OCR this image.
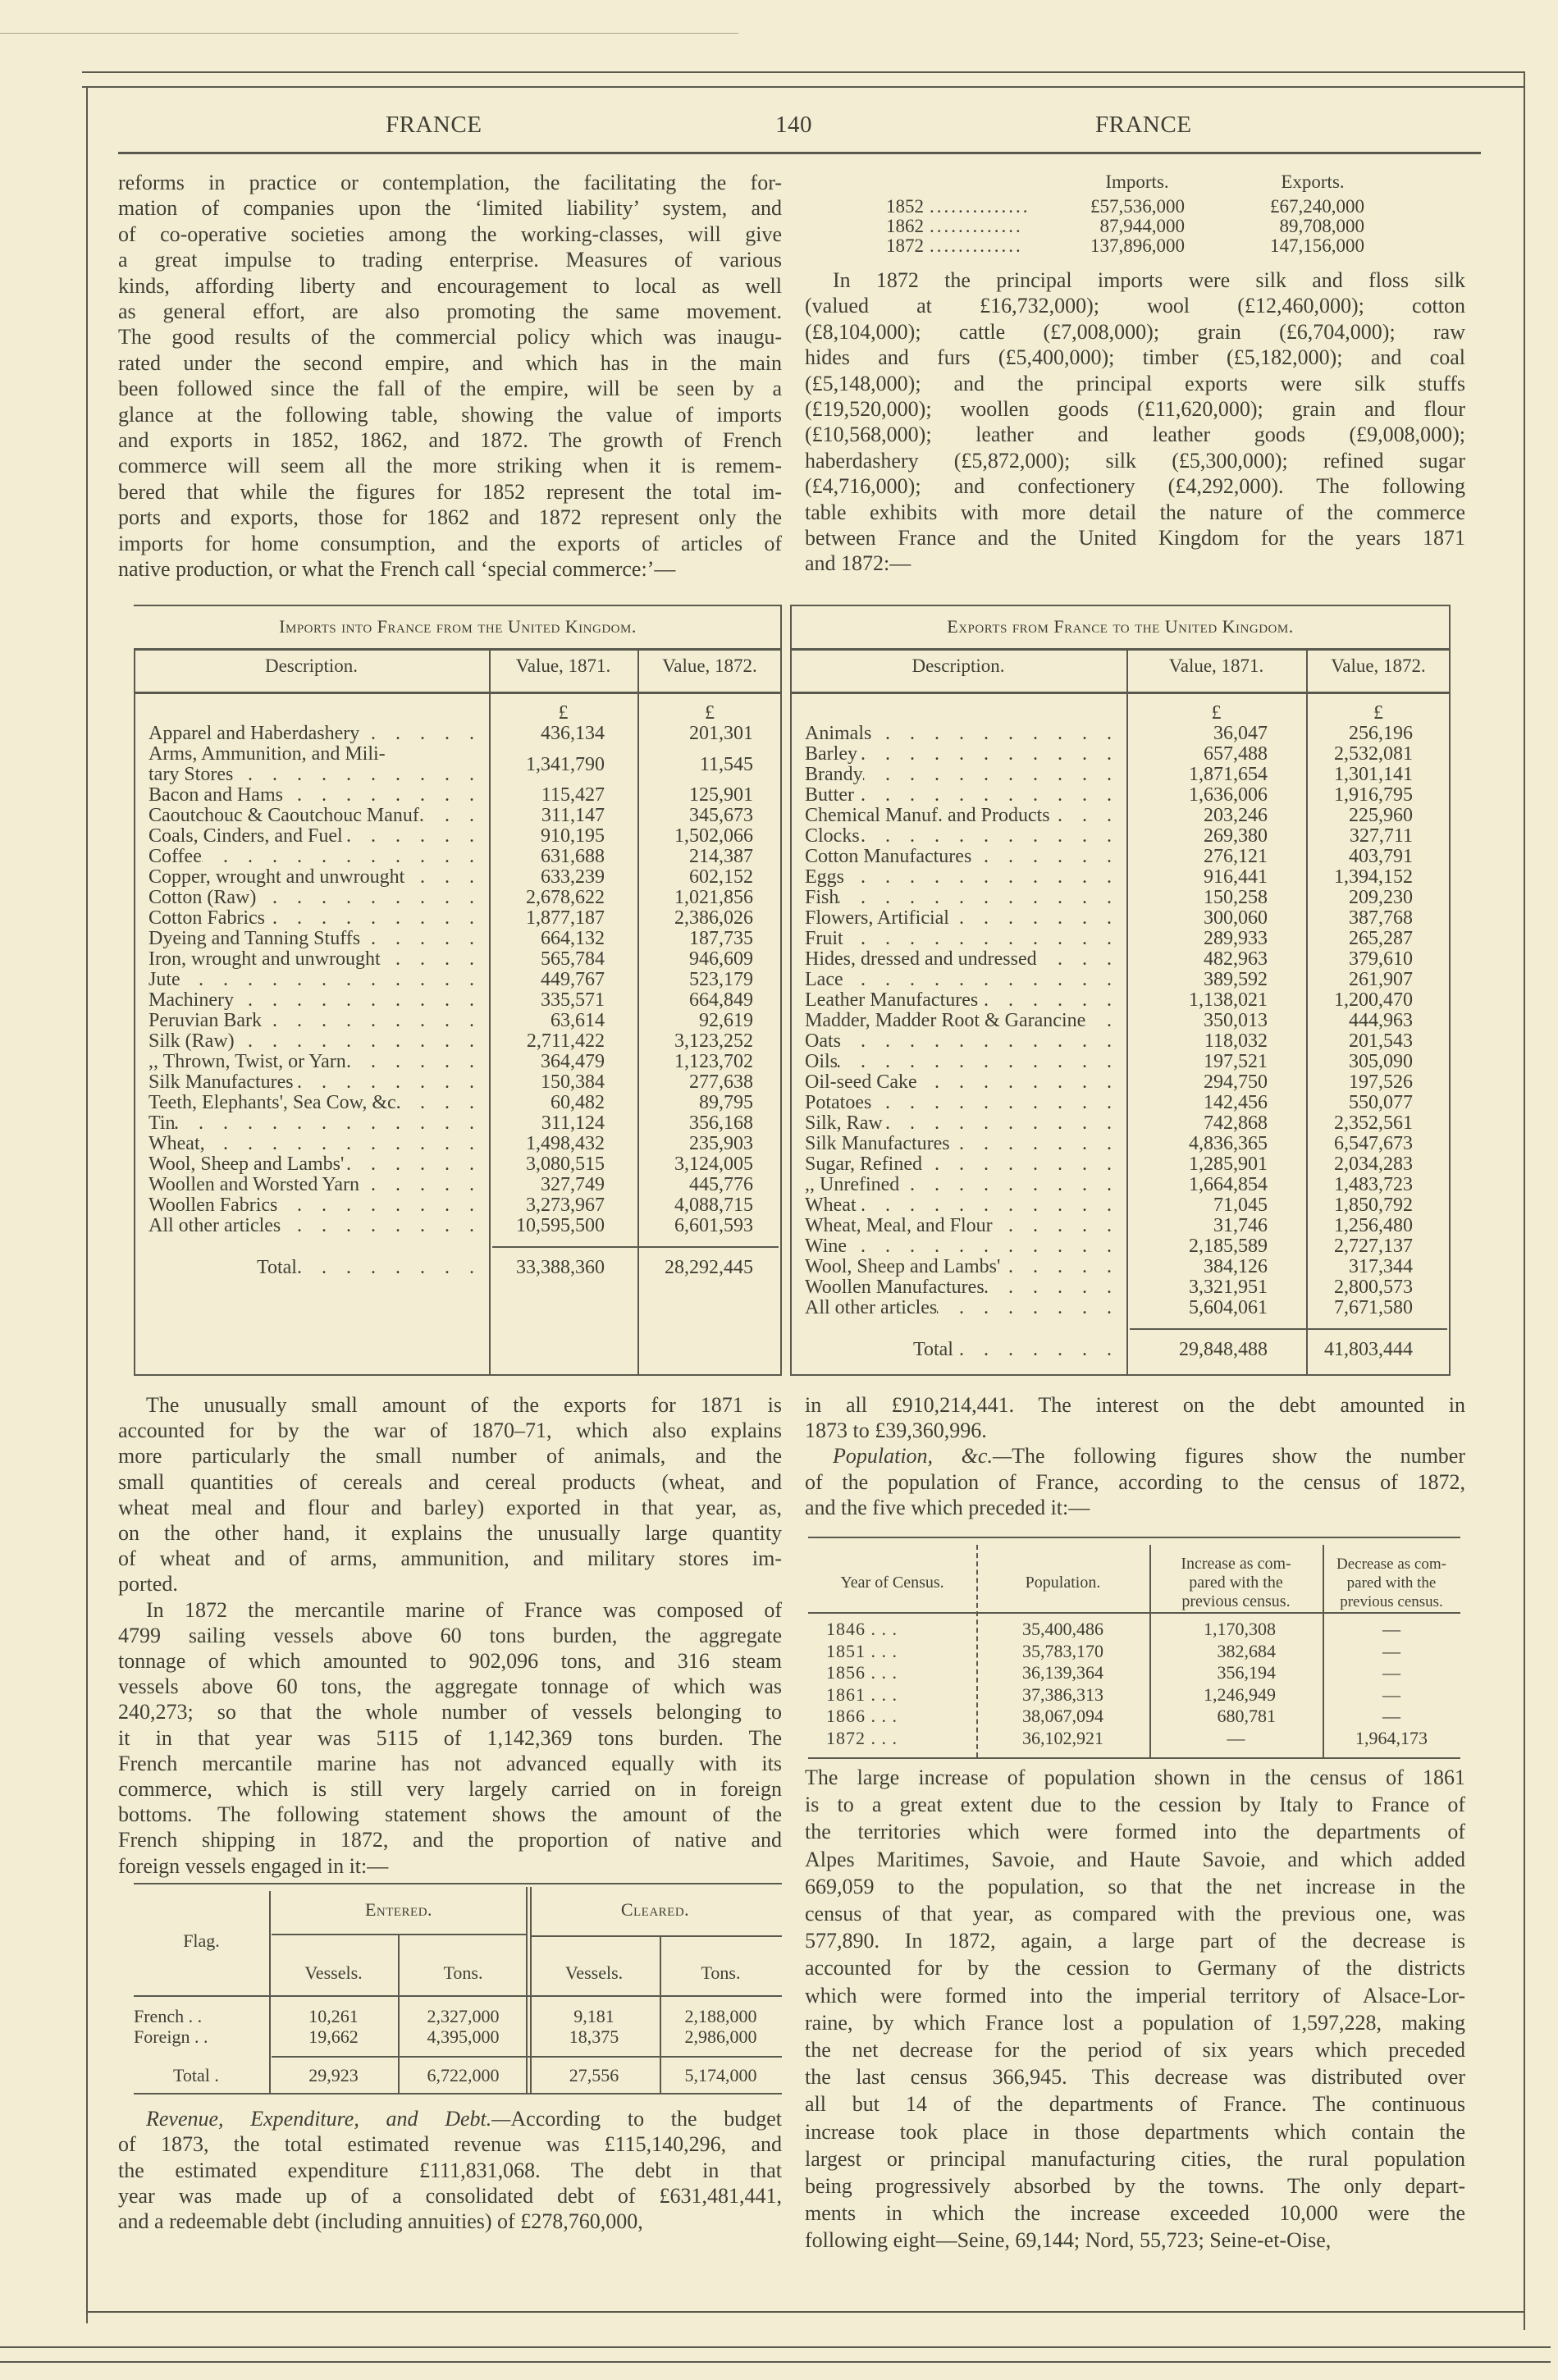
FRANCE	140	FRANCE
reforms in practice or contemplation, the facilitating the for-
mation of companies upon the ‘limited liability’ system, and
of co-operative societies among the working-classes, will give
a great impulse to trading enterprise. Measures of various
kinds, affording liberty and encouragement to local as well
as general effort, are also promoting the same movement.
The good results of the commercial policy which was inaugu-
rated under the second empire, and which has in the main
been followed since the fall of the empire, will be seen by a
glance at the following table, showing the value of imports
and exports in 1852, 1862, and 1872. The growth of French
commerce will seem all the more striking when it is remem-
bered that while the figures for 1852 represent the total im-
ports and exports, those for 1862 and 1872 represent only the
imports for home consumption, and the exports of articles of
native production, or what the French call ‘special commerce:’—
Imports.	Exports.
1852 ..............	£57,536,000	£67,240,000
1862 .............	87,944,000	89,708,000
1872 .............	137,896,000	147,156,000
In 1872 the principal imports were silk and floss silk
(valued at £16,732,000); wool (£12,460,000); cotton
(£8,104,000); cattle (£7,008,000); grain (£6,704,000); raw
hides and furs (£5,400,000); timber (£5,182,000); and coal
(£5,148,000); and the principal exports were silk stuffs
(£19,520,000); woollen goods (£11,620,000); grain and flour
(£10,568,000); leather and leather goods (£9,008,000);
haberdashery (£5,872,000); silk (£5,300,000); refined sugar
(£4,716,000); and confectionery (£4,292,000). The following
table exhibits with more detail the nature of the commerce
between France and the United Kingdom for the years 1871
and 1872:—
Imports into France from the United Kingdom.
Description.	Value, 1871.	Value, 1872.
£	£
Apparel and Haberdashery .	436,134	201,301
Arms, Ammunition, and Mili-
tary Stores .	1,341,790	11,545
Bacon and Hams .	115,427	125,901
Caoutchouc & Caoutchouc Manuf. .	311,147	345,673
Coals, Cinders, and Fuel .	910,195	1,502,066
Coffee .	631,688	214,387
Copper, wrought and unwrought .	633,239	602,152
Cotton (Raw) .	2,678,622	1,021,856
Cotton Fabrics .	1,877,187	2,386,026
Dyeing and Tanning Stuffs .	664,132	187,735
Iron, wrought and unwrought .	565,784	946,609
Jute .	449,767	523,179
Machinery .	335,571	664,849
Peruvian Bark .	63,614	92,619
Silk (Raw) .	2,711,422	3,123,252
,, Thrown, Twist, or Yarn .	364,479	1,123,702
Silk Manufactures .	150,384	277,638
Teeth, Elephants', Sea Cow, &c. .	60,482	89,795
Tin .	311,124	356,168
Wheat, .	1,498,432	235,903
Wool, Sheep and Lambs' .	3,080,515	3,124,005
Woollen and Worsted Yarn .	327,749	445,776
Woollen Fabrics .	3,273,967	4,088,715
All other articles .	10,595,500	6,601,593
Total .	33,388,360	28,292,445
Exports from France to the United Kingdom.
Description.	Value, 1871.	Value, 1872.
£	£
Animals .	36,047	256,196
Barley .	657,488	2,532,081
Brandy .	1,871,654	1,301,141
Butter .	1,636,006	1,916,795
Chemical Manuf. and Products .	203,246	225,960
Clocks .	269,380	327,711
Cotton Manufactures .	276,121	403,791
Eggs .	916,441	1,394,152
Fish .	150,258	209,230
Flowers, Artificial .	300,060	387,768
Fruit .	289,933	265,287
Hides, dressed and undressed .	482,963	379,610
Lace .	389,592	261,907
Leather Manufactures .	1,138,021	1,200,470
Madder, Madder Root & Garancine .	350,013	444,963
Oats .	118,032	201,543
Oils .	197,521	305,090
Oil-seed Cake .	294,750	197,526
Potatoes .	142,456	550,077
Silk, Raw .	742,868	2,352,561
Silk Manufactures .	4,836,365	6,547,673
Sugar, Refined .	1,285,901	2,034,283
,, Unrefined .	1,664,854	1,483,723
Wheat .	71,045	1,850,792
Wheat, Meal, and Flour .	31,746	1,256,480
Wine .	2,185,589	2,727,137
Wool, Sheep and Lambs' .	384,126	317,344
Woollen Manufactures .	3,321,951	2,800,573
All other articles .	5,604,061	7,671,580
Total .	29,848,488	41,803,444
The unusually small amount of the exports for 1871 is
accounted for by the war of 1870–71, which also explains
more particularly the small number of animals, and the
small quantities of cereals and cereal products (wheat, and
wheat meal and flour and barley) exported in that year, as,
on the other hand, it explains the unusually large quantity
of wheat and of arms, ammunition, and military stores im-
ported.
In 1872 the mercantile marine of France was composed of
4799 sailing vessels above 60 tons burden, the aggregate
tonnage of which amounted to 902,096 tons, and 316 steam
vessels above 60 tons, the aggregate tonnage of which was
240,273; so that the whole number of vessels belonging to
it in that year was 5115 of 1,142,369 tons burden. The
French mercantile marine has not advanced equally with its
commerce, which is still very largely carried on in foreign
bottoms. The following statement shows the amount of the
French shipping in 1872, and the proportion of native and
foreign vessels engaged in it:—
Flag.
Entered.	Cleared.
Vessels.	Tons.	Vessels.	Tons.
French . .	10,261	2,327,000	9,181	2,188,000
Foreign . .	19,662	4,395,000	18,375	2,986,000
Total .	29,923	6,722,000	27,556	5,174,000
Revenue, Expenditure, and Debt.—According to the budget
of 1873, the total estimated revenue was £115,140,296, and
the estimated expenditure £111,831,068. The debt in that
year was made up of a consolidated debt of £631,481,441,
and a redeemable debt (including annuities) of £278,760,000,
in all £910,214,441. The interest on the debt amounted in
1873 to £39,360,996.
Population, &c.—The following figures show the number
of the population of France, according to the census of 1872,
and the five which preceded it:—
Year of Census.	Population.
Increase as com-
pared with the
previous census.
Decrease as com-
pared with the
previous census.
1846 . . .	35,400,486	1,170,308	—
1851 . . .	35,783,170	382,684	—
1856 . . .	36,139,364	356,194	—
1861 . . .	37,386,313	1,246,949	—
1866 . . .	38,067,094	680,781	—
1872 . . .	36,102,921	—	1,964,173
The large increase of population shown in the census of 1861
is to a great extent due to the cession by Italy to France of
the territories which were formed into the departments of
Alpes Maritimes, Savoie, and Haute Savoie, and which added
669,059 to the population, so that the net increase in the
census of that year, as compared with the previous one, was
577,890. In 1872, again, a large part of the decrease is
accounted for by the cession to Germany of the districts
which were formed into the imperial territory of Alsace-Lor-
raine, by which France lost a population of 1,597,228, making
the net decrease for the period of six years which preceded
the last census 366,945. This decrease was distributed over
all but 14 of the departments of France. The continuous
increase took place in those departments which contain the
largest or principal manufacturing cities, the rural population
being progressively absorbed by the towns. The only depart-
ments in which the increase exceeded 10,000 were the
following eight—Seine, 69,144; Nord, 55,723; Seine-et-Oise,
